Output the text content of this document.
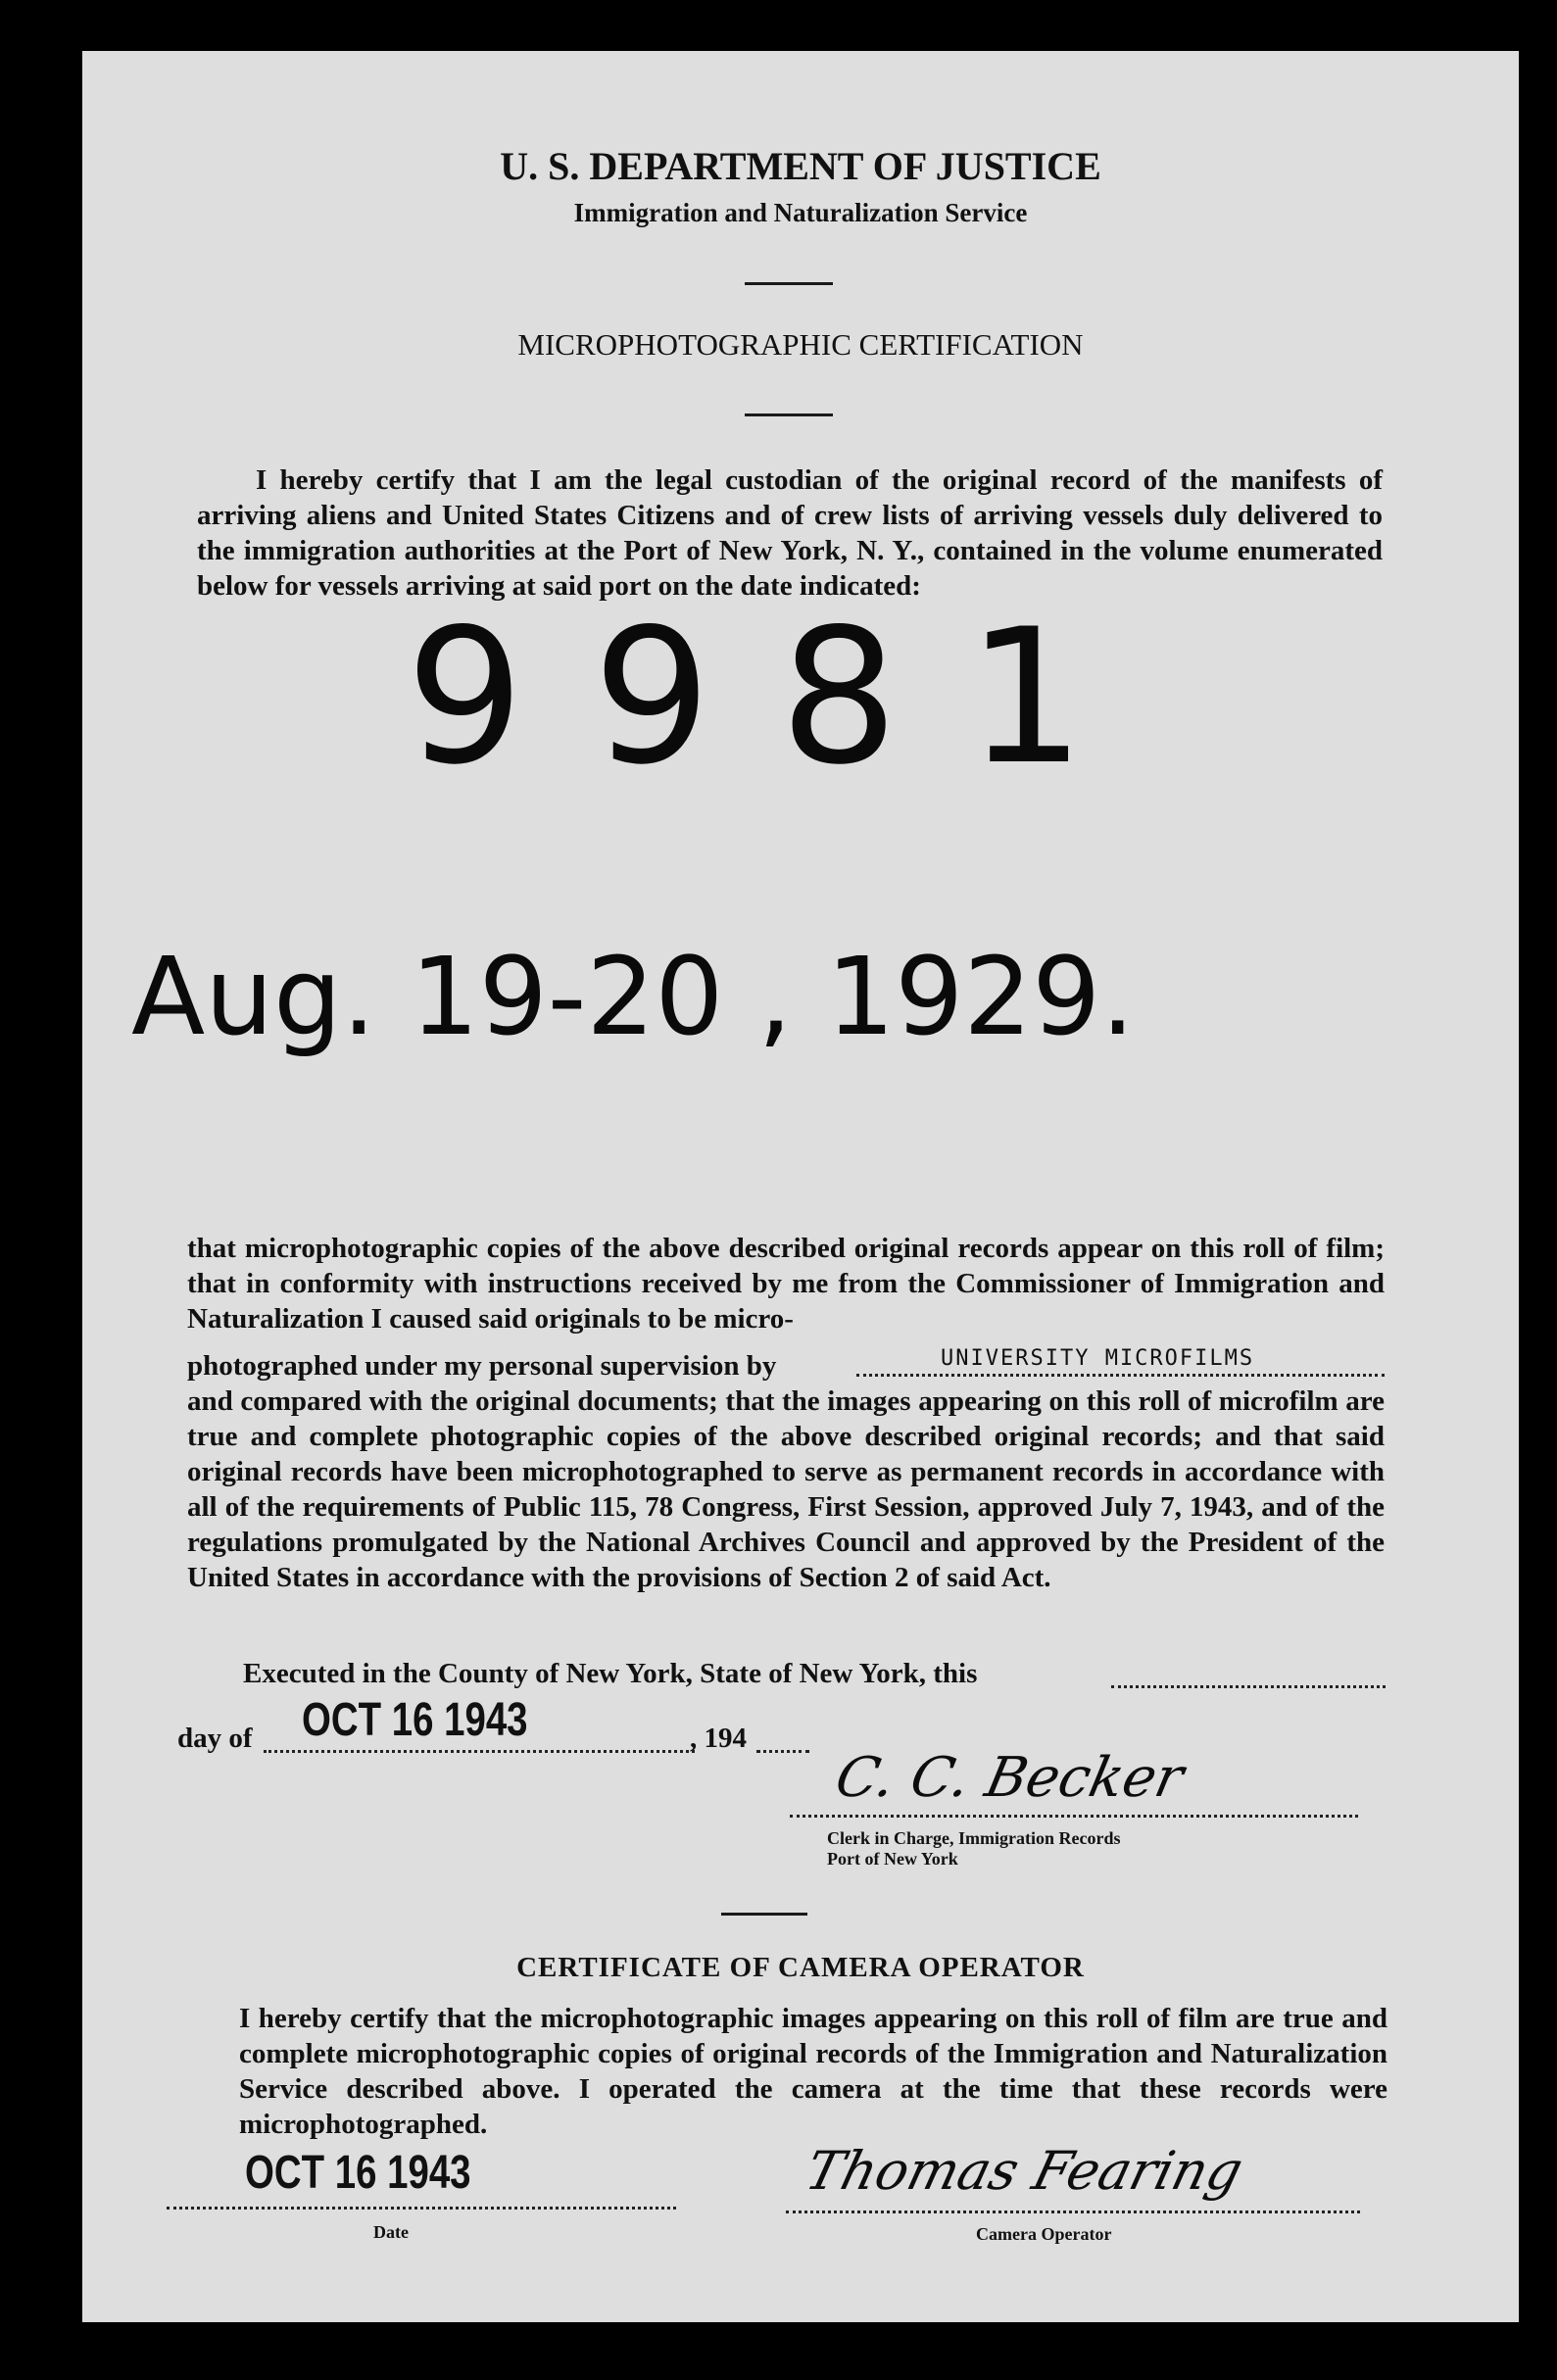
U. S. DEPARTMENT OF JUSTICE
Immigration and Naturalization Service
MICROPHOTOGRAPHIC CERTIFICATION
I hereby certify that I am the legal custodian of the original record of the manifests of arriving aliens and United States Citizens and of crew lists of arriving vessels duly delivered to the immigration authorities at the Port of New York, N. Y., contained in the volume enumerated below for vessels arriving at said port on the date indicated:
9981
Aug. 19-20 , 1929.
that microphotographic copies of the above described original records appear on this roll of film; that in conformity with instructions received by me from the Commissioner of Immigration and Naturalization I caused said originals to be micro-
photographed under my personal supervision by	UNIVERSITY MICROFILMS
and compared with the original documents; that the images appearing on this roll of microfilm are true and complete photographic copies of the above described original records; and that said original records have been microphotographed to serve as permanent records in accordance with all of the requirements of Public 115, 78 Congress, First Session, approved July 7, 1943, and of the regulations promulgated by the National Archives Council and approved by the President of the United States in accordance with the provisions of Section 2 of said Act.
Executed in the County of New York, State of New York, this
day of OCT 16 1943	, 194
C. C. Becker
Clerk in Charge, Immigration Records
Port of New York
CERTIFICATE OF CAMERA OPERATOR
I hereby certify that the microphotographic images appearing on this roll of film are true and complete microphotographic copies of original records of the Immigration and Naturalization Service described above. I operated the camera at the time that these records were microphotographed.
OCT 16 1943
Date
Thomas Fearing
Camera Operator
